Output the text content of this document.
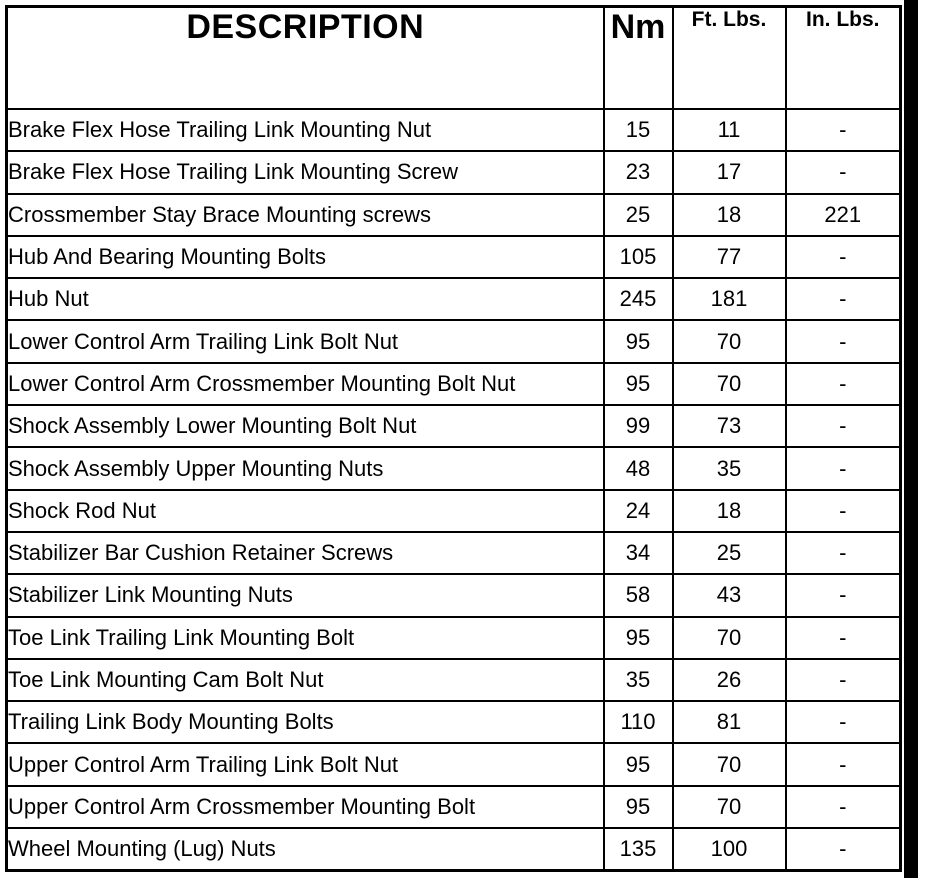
DESCRIPTION	Nm	Ft. Lbs.	In. Lbs.
Brake Flex Hose Trailing Link Mounting Nut	15	11	-
Brake Flex Hose Trailing Link Mounting Screw	23	17	-
Crossmember Stay Brace Mounting screws	25	18	221
Hub And Bearing Mounting Bolts	105	77	-
Hub Nut	245	181	-
Lower Control Arm Trailing Link Bolt Nut	95	70	-
Lower Control Arm Crossmember Mounting Bolt Nut	95	70	-
Shock Assembly Lower Mounting Bolt Nut	99	73	-
Shock Assembly Upper Mounting Nuts	48	35	-
Shock Rod Nut	24	18	-
Stabilizer Bar Cushion Retainer Screws	34	25	-
Stabilizer Link Mounting Nuts	58	43	-
Toe Link Trailing Link Mounting Bolt	95	70	-
Toe Link Mounting Cam Bolt Nut	35	26	-
Trailing Link Body Mounting Bolts	110	81	-
Upper Control Arm Trailing Link Bolt Nut	95	70	-
Upper Control Arm Crossmember Mounting Bolt	95	70	-
Wheel Mounting (Lug) Nuts	135	100	-
